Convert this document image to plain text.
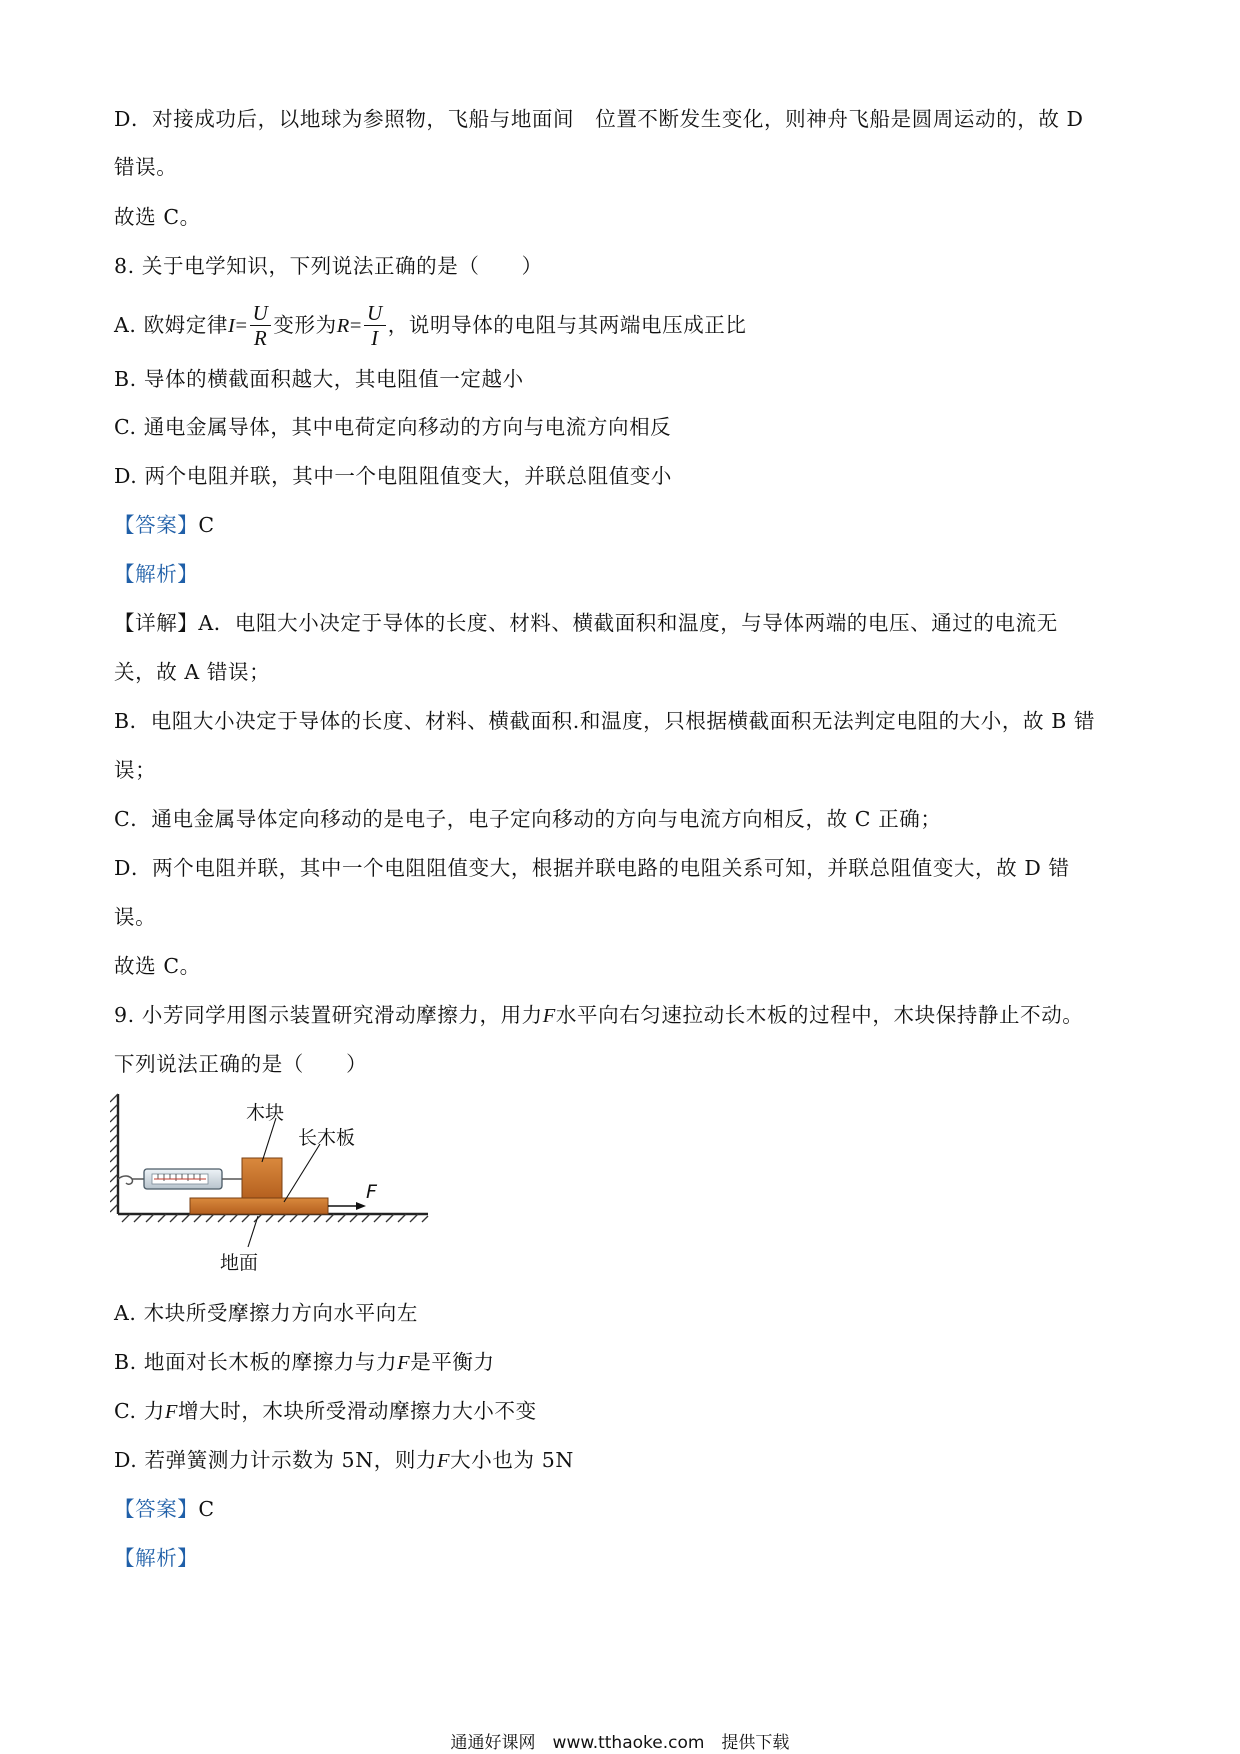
D．对接成功后，以地球为参照物，飞船与地面间　位置不断发生变化，则神舟飞船是圆周运动的，故 D
错误。
故选 C。
8. 关于电学知识，下列说法正确的是（　　）
A. 欧姆定律$I= \frac{U}{R}$ 变形为$R= \frac{U}{I}$ ，说明导体的电阻与其两端电压成正比
B. 导体的横截面积越大，其电阻值一定越小
C. 通电金属导体，其中电荷定向移动的方向与电流方向相反
D. 两个电阻并联，其中一个电阻阻值变大，并联总阻值变小
【答案】C
【解析】
【详解】A．电阻大小决定于导体的长度、材料、横截面积和温度，与导体两端的电压、通过的电流无
关，故 A 错误；
B．电阻大小决定于导体的长度、材料、横截面积.和温度，只根据横截面积无法判定电阻的大小，故 B 错
误；
C．通电金属导体定向移动的是电子，电子定向移动的方向与电流方向相反，故 C 正确；
D．两个电阻并联，其中一个电阻阻值变大，根据并联电路的电阻关系可知，并联总阻值变大，故 D 错
误。
故选 C。
9. 小芳同学用图示装置研究滑动摩擦力，用力F水平向右匀速拉动长木板的过程中，木块保持静止不动。
下列说法正确的是（　　）
木块
长木板
F
地面
A. 木块所受摩擦力方向水平向左
B. 地面对长木板的摩擦力与力F是平衡力
C. 力F增大时，木块所受滑动摩擦力大小不变
D. 若弹簧测力计示数为 5N，则力F大小也为 5N
【答案】C
【解析】
通通好课网　www.tthaoke.com　提供下载
